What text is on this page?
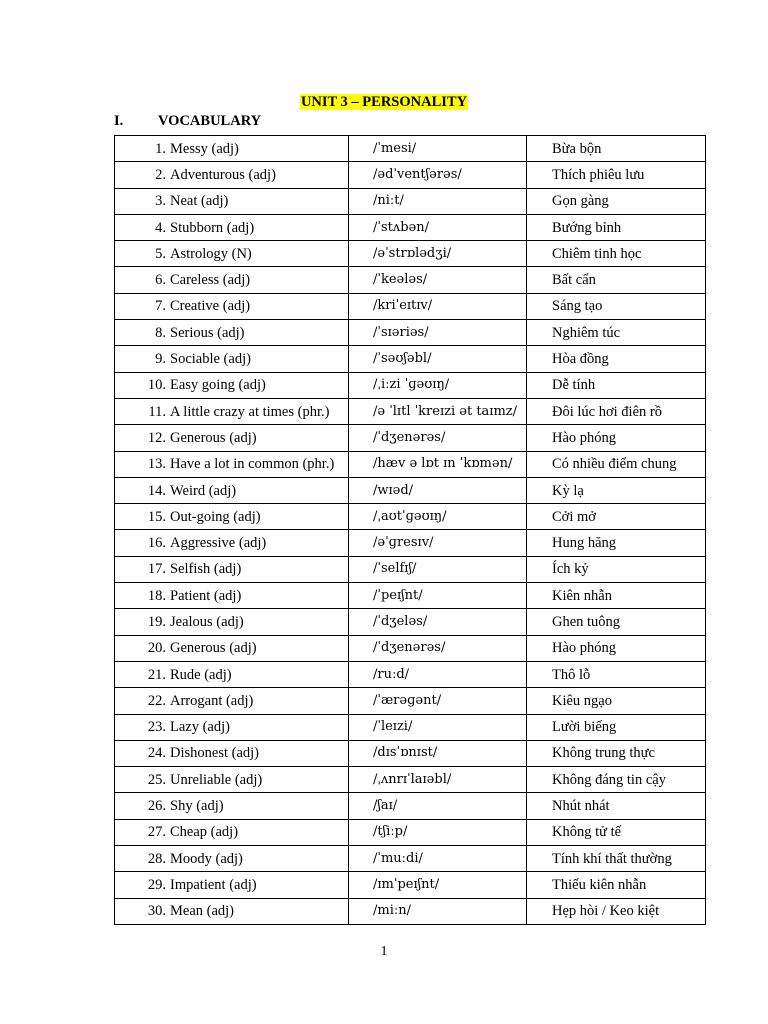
UNIT 3 – PERSONALITY
I. VOCABULARY
1. Messy (adj)	/ˈmesi/	Bừa bộn
2. Adventurous (adj)	/ədˈventʃərəs/	Thích phiêu lưu
3. Neat (adj)	/niːt/	Gọn gàng
4. Stubborn (adj)	/ˈstʌbən/	Bướng bỉnh
5. Astrology (N)	/əˈstrɒlədʒi/	Chiêm tinh học
6. Careless (adj)	/ˈkeələs/	Bất cẩn
7. Creative (adj)	/kriˈeɪtɪv/	Sáng tạo
8. Serious (adj)	/ˈsɪəriəs/	Nghiêm túc
9. Sociable (adj)	/ˈsəʊʃəbl/	Hòa đồng
10. Easy going (adj)	/ˌiːzi ˈɡəʊɪŋ/	Dễ tính
11. A little crazy at times (phr.)	/ə ˈlɪtl ˈkreɪzi ət taɪmz/	Đôi lúc hơi điên rồ
12. Generous (adj)	/ˈdʒenərəs/	Hào phóng
13. Have a lot in common (phr.)	/hæv ə lɒt ɪn ˈkɒmən/	Có nhiều điểm chung
14. Weird (adj)	/wɪəd/	Kỳ lạ
15. Out-going (adj)	/ˌaʊtˈɡəʊɪŋ/	Cởi mở
16. Aggressive (adj)	/əˈɡresɪv/	Hung hăng
17. Selfish (adj)	/ˈselfɪʃ/	Ích kỷ
18. Patient (adj)	/ˈpeɪʃnt/	Kiên nhẫn
19. Jealous (adj)	/ˈdʒeləs/	Ghen tuông
20. Generous (adj)	/ˈdʒenərəs/	Hào phóng
21. Rude (adj)	/ruːd/	Thô lỗ
22. Arrogant (adj)	/ˈærəɡənt/	Kiêu ngạo
23. Lazy (adj)	/ˈleɪzi/	Lười biếng
24. Dishonest (adj)	/dɪsˈɒnɪst/	Không trung thực
25. Unreliable (adj)	/ˌʌnrɪˈlaɪəbl/	Không đáng tin cậy
26. Shy (adj)	/ʃaɪ/	Nhút nhát
27. Cheap (adj)	/tʃiːp/	Không tử tế
28. Moody (adj)	/ˈmuːdi/	Tính khí thất thường
29. Impatient (adj)	/ɪmˈpeɪʃnt/	Thiếu kiên nhẫn
30. Mean (adj)	/miːn/	Hẹp hòi / Keo kiệt
1
